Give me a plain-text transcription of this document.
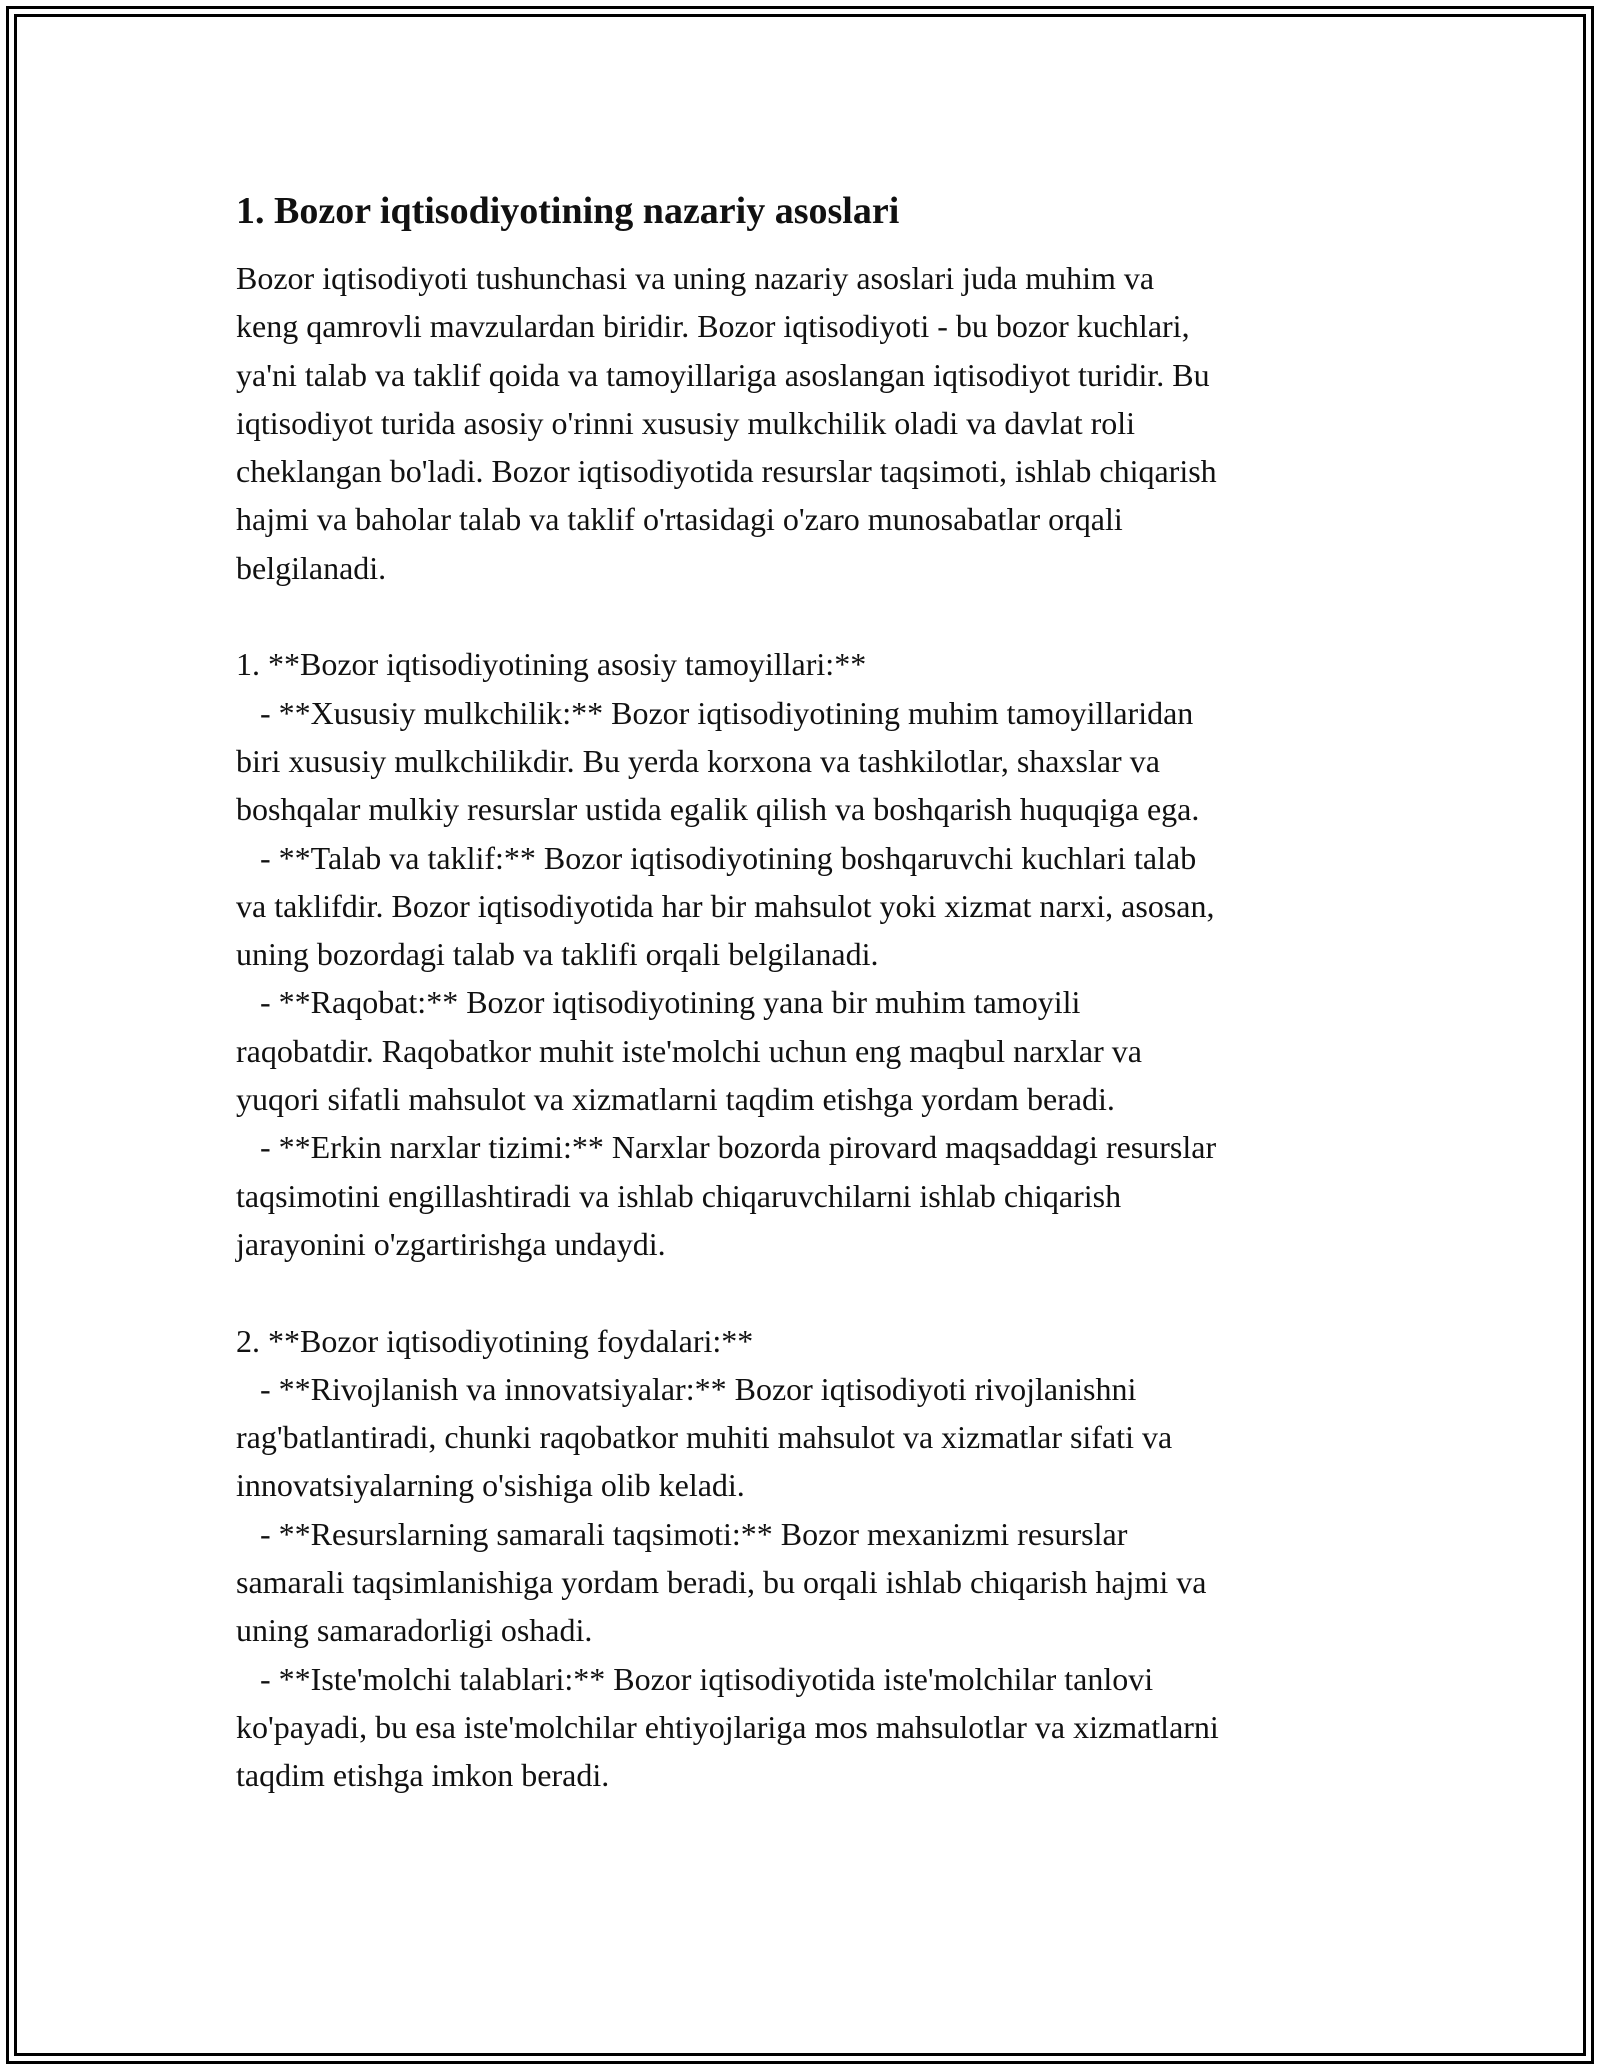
1. Bozor iqtisodiyotining nazariy asoslari
Bozor iqtisodiyoti tushunchasi va uning nazariy asoslari juda muhim va
keng qamrovli mavzulardan biridir. Bozor iqtisodiyoti - bu bozor kuchlari,
ya'ni talab va taklif qoida va tamoyillariga asoslangan iqtisodiyot turidir. Bu
iqtisodiyot turida asosiy o'rinni xususiy mulkchilik oladi va davlat roli
cheklangan bo'ladi. Bozor iqtisodiyotida resurslar taqsimoti, ishlab chiqarish
hajmi va baholar talab va taklif o'rtasidagi o'zaro munosabatlar orqali
belgilanadi.
1. **Bozor iqtisodiyotining asosiy tamoyillari:**
- **Xususiy mulkchilik:** Bozor iqtisodiyotining muhim tamoyillaridan
biri xususiy mulkchilikdir. Bu yerda korxona va tashkilotlar, shaxslar va
boshqalar mulkiy resurslar ustida egalik qilish va boshqarish huquqiga ega.
- **Talab va taklif:** Bozor iqtisodiyotining boshqaruvchi kuchlari talab
va taklifdir. Bozor iqtisodiyotida har bir mahsulot yoki xizmat narxi, asosan,
uning bozordagi talab va taklifi orqali belgilanadi.
- **Raqobat:** Bozor iqtisodiyotining yana bir muhim tamoyili
raqobatdir. Raqobatkor muhit iste'molchi uchun eng maqbul narxlar va
yuqori sifatli mahsulot va xizmatlarni taqdim etishga yordam beradi.
- **Erkin narxlar tizimi:** Narxlar bozorda pirovard maqsaddagi resurslar
taqsimotini engillashtiradi va ishlab chiqaruvchilarni ishlab chiqarish
jarayonini o'zgartirishga undaydi.
2. **Bozor iqtisodiyotining foydalari:**
- **Rivojlanish va innovatsiyalar:** Bozor iqtisodiyoti rivojlanishni
rag'batlantiradi, chunki raqobatkor muhiti mahsulot va xizmatlar sifati va
innovatsiyalarning o'sishiga olib keladi.
- **Resurslarning samarali taqsimoti:** Bozor mexanizmi resurslar
samarali taqsimlanishiga yordam beradi, bu orqali ishlab chiqarish hajmi va
uning samaradorligi oshadi.
- **Iste'molchi talablari:** Bozor iqtisodiyotida iste'molchilar tanlovi
ko'payadi, bu esa iste'molchilar ehtiyojlariga mos mahsulotlar va xizmatlarni
taqdim etishga imkon beradi.
